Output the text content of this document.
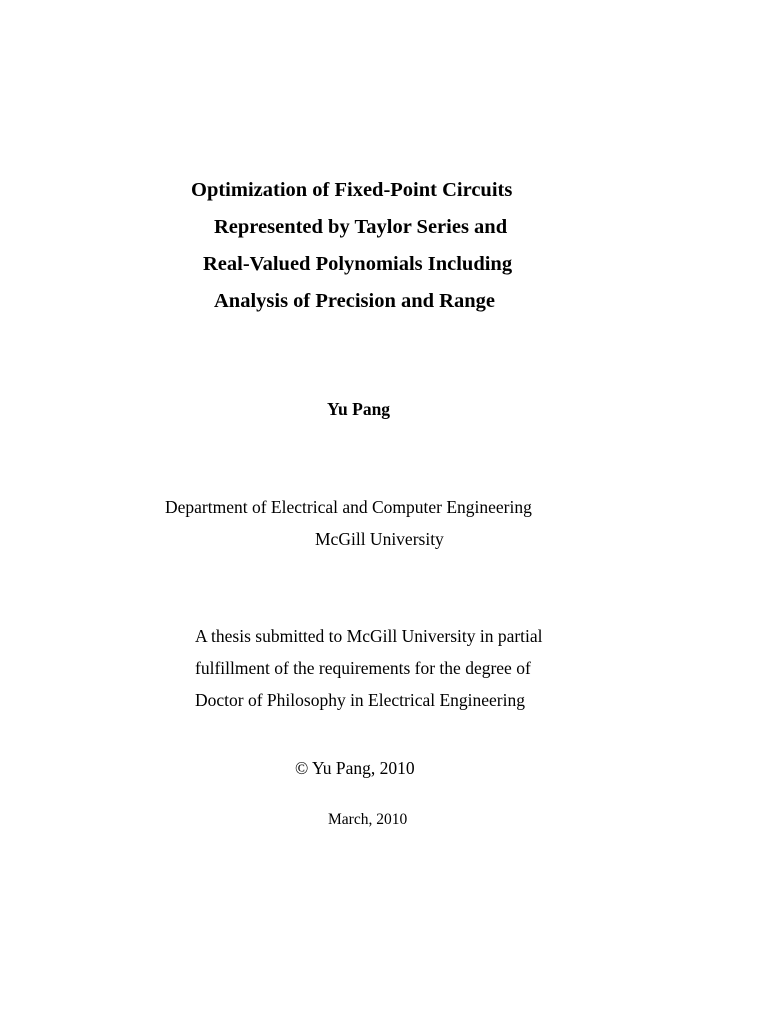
Optimization of Fixed-Point Circuits
Represented by Taylor Series and
Real-Valued Polynomials Including
Analysis of Precision and Range
Yu Pang
Department of Electrical and Computer Engineering
McGill University
A thesis submitted to McGill University in partial
fulfillment of the requirements for the degree of
Doctor of Philosophy in Electrical Engineering
© Yu Pang, 2010
March, 2010
